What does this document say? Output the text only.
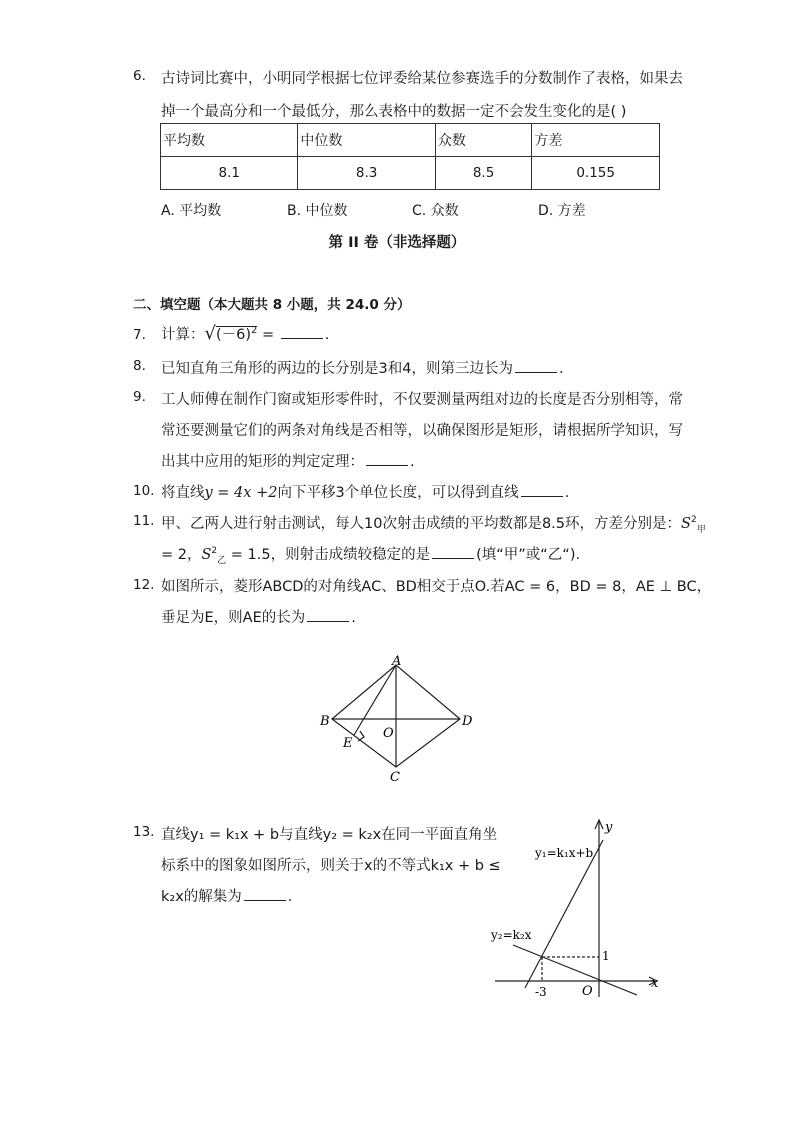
6.	古诗词比赛中，小明同学根据七位评委给某位参赛选手的分数制作了表格，如果去
掉一个最高分和一个最低分，那么表格中的数据一定不会发生变化的是( )
平均数	中位数	众数	方差
8.1	8.3	8.5	0.155
A. 平均数	B. 中位数	C. 众数	D. 方差
第 II 卷（非选择题）
二、填空题（本大题共 8 小题，共 24.0 分）
7.	计算：$√(-6)^2$ =	.
8.	已知直角三角形的两边的长分别是3和4，则第三边长为	.
9.	工人师傅在制作门窗或矩形零件时，不仅要测量两组对边的长度是否分别相等，常
常还要测量它们的两条对角线是否相等，以确保图形是矩形，请根据所学知识，写
出其中应用的矩形的判定定理：	.
10. 将直线y = 4x +2向下平移3个单位长度，可以得到直线	.
11. 甲、乙两人进行射击测试，每人10次射击成绩的平均数都是8.5环，方差分别是：$S^2_甲$
= 2，$S^2_乙 = 1.5$，则射击成绩较稳定的是	(填“甲”或“乙“).
12. 如图所示，菱形ABCD的对角线AC、BD相交于点O.若AC = 6，BD = 8，AE ⊥ BC，
垂足为E，则AE的长为	.
A
B
C
D
E
O
13. 直线y₁ = k₁x + b与直线y₂ = k₂x在同一平面直角坐
标系中的图象如图所示，则关于x的不等式k₁x + b ≤
k₂x的解集为	.
y
x
y₁=k₁x+b
y₂=k₂x
1
-3	O
